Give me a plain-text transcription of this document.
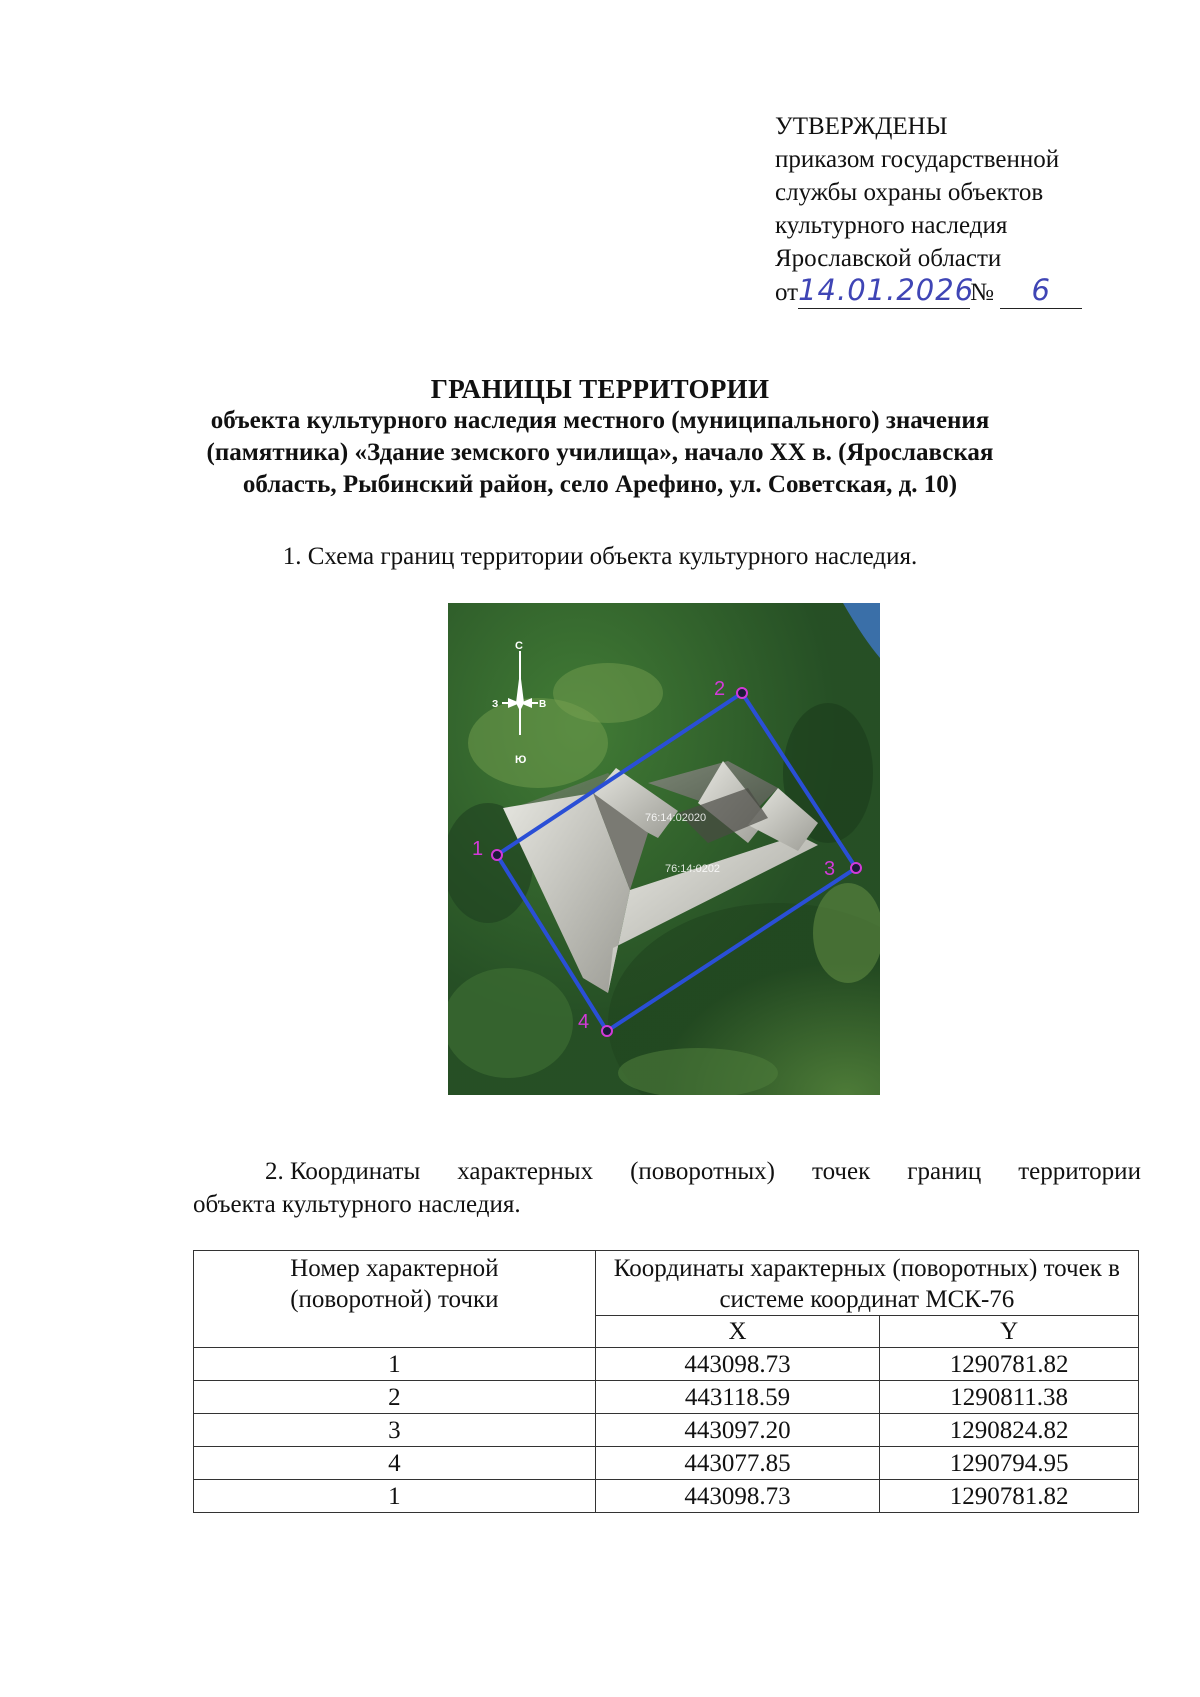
УТВЕРЖДЕНЫ
приказом государственной
службы охраны объектов
культурного наследия
Ярославской области
от14.01.2026№ 6
ГРАНИЦЫ ТЕРРИТОРИИ
объекта культурного наследия местного (муниципального) значения
(памятника) «Здание земского училища», начало XX в. (Ярославская
область, Рыбинский район, село Арефино, ул. Советская, д. 10)
1. Схема границ территории объекта культурного наследия.
76:14:02020
76:14:0202
1
2
3
4
С
Ю
З	В
2. Координаты характерных (поворотных) точек границ территории
объекта культурного наследия.
Номер характерной (поворотной) точки	Координаты характерных (поворотных) точек в системе координат МСК-76	
	X	Y
1	443098.73	1290781.82
2	443118.59	1290811.38
3	443097.20	1290824.82
4	443077.85	1290794.95
1	443098.73	1290781.82
